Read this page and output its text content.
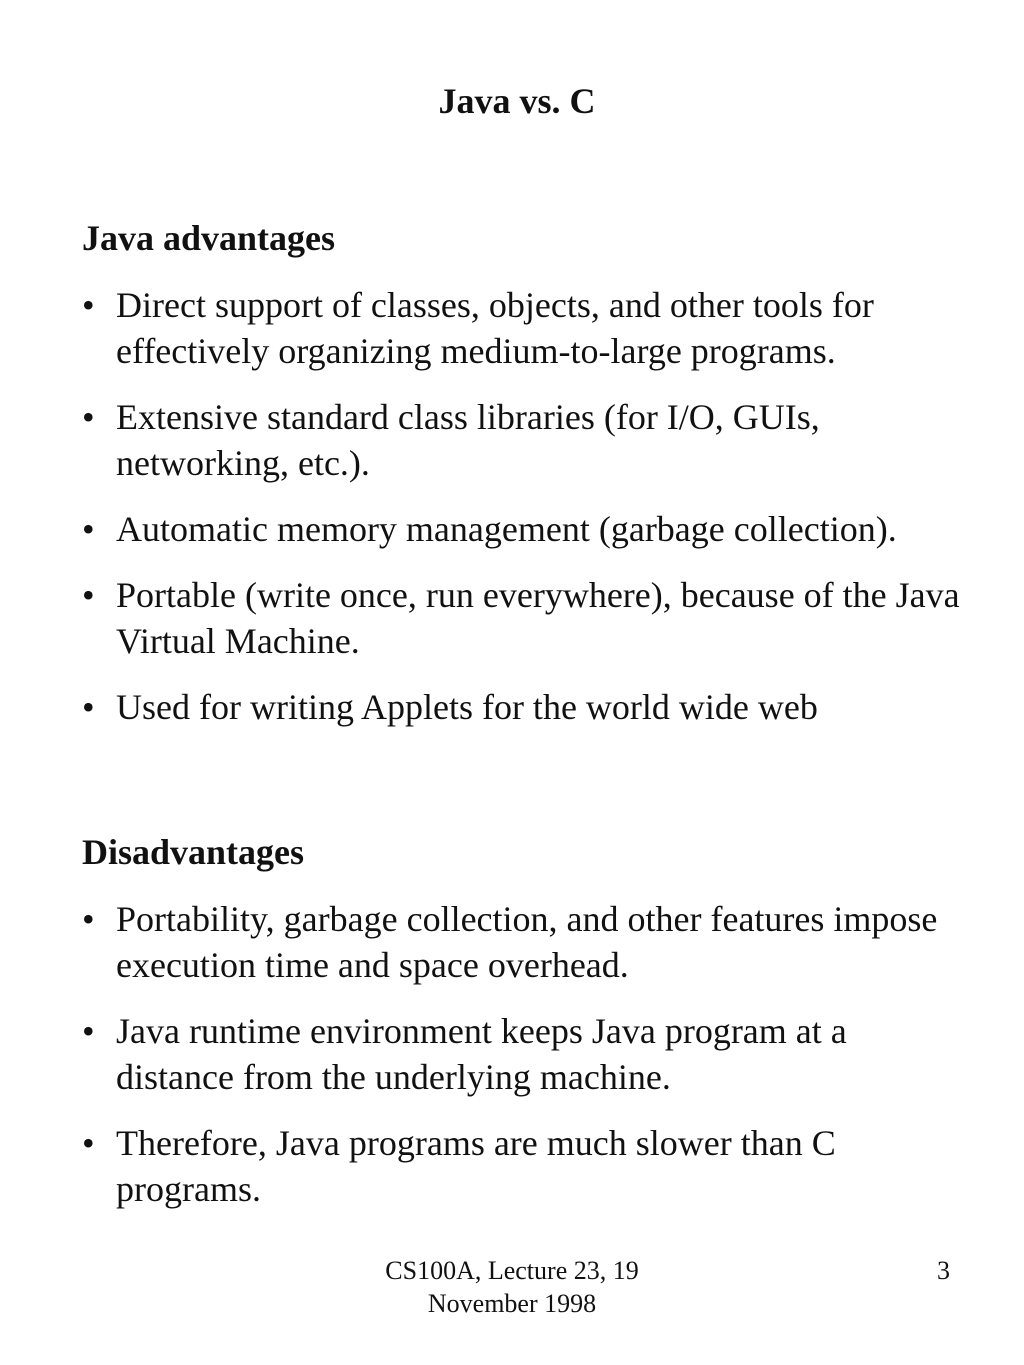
Java vs. C
Java advantages
• Direct support of classes, objects, and other tools for effectively organizing medium-to-large programs.
• Extensive standard class libraries (for I/O, GUIs, networking, etc.).
• Automatic memory management (garbage collection).
• Portable (write once, run everywhere), because of the Java Virtual Machine.
• Used for writing Applets for the world wide web
Disadvantages
• Portability, garbage collection, and other features impose execution time and space overhead.
• Java runtime environment keeps Java program at a distance from the underlying machine.
• Therefore, Java programs are much slower than C programs.
CS100A, Lecture 23, 19 November 1998
3
